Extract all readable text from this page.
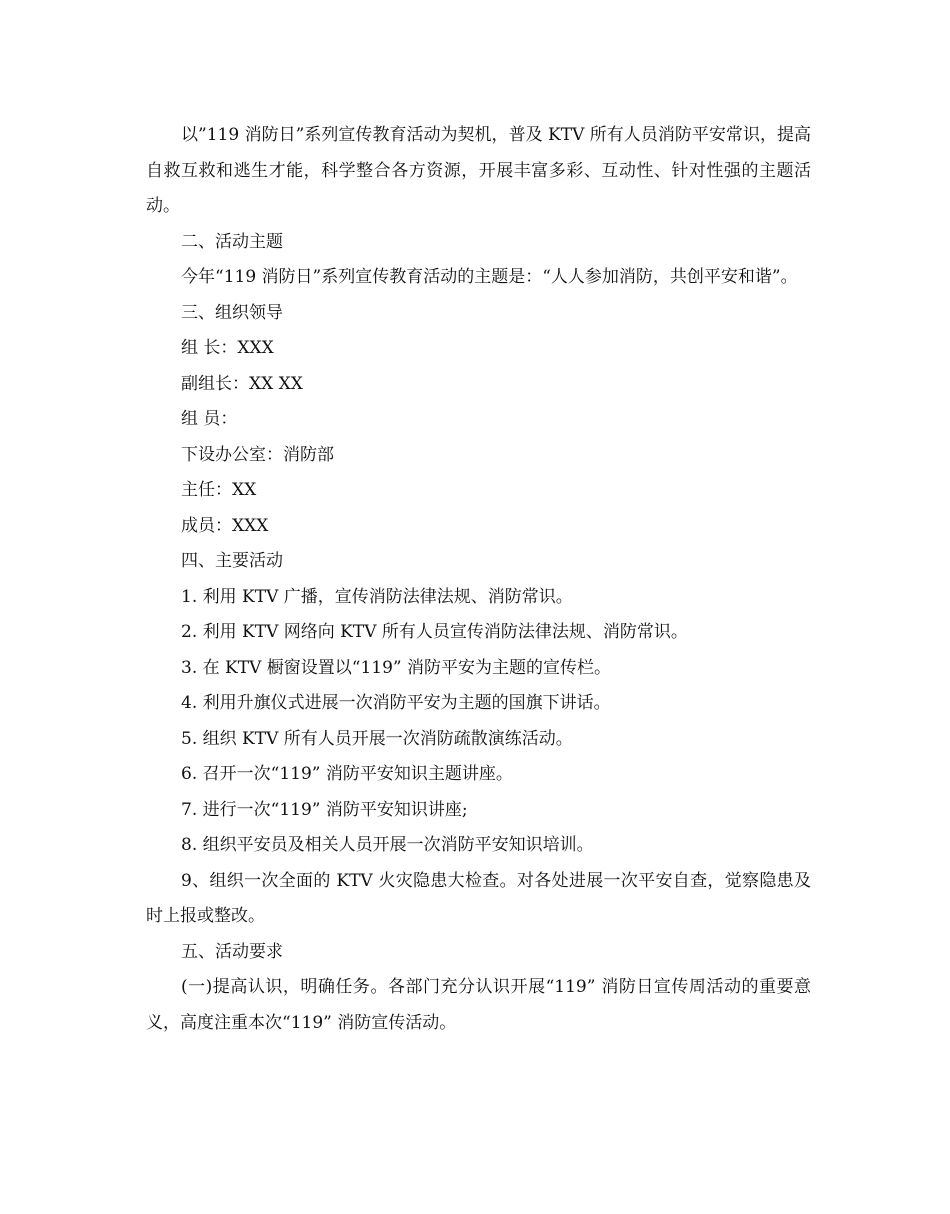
以”119 消防日”系列宣传教育活动为契机，普及 KTV 所有人员消防平安常识，提高自救互救和逃生才能，科学整合各方资源，开展丰富多彩、互动性、针对性强的主题活动。

二、活动主题

今年“119 消防日”系列宣传教育活动的主题是：“人人参加消防，共创平安和谐”。

三、组织领导

组 长：XXX

副组长：XX XX

组 员：

下设办公室：消防部

主任：XX

成员：XXX

四、主要活动

1. 利用 KTV 广播，宣传消防法律法规、消防常识。

2. 利用 KTV 网络向 KTV 所有人员宣传消防法律法规、消防常识。

3. 在 KTV 橱窗设置以“119” 消防平安为主题的宣传栏。

4. 利用升旗仪式进展一次消防平安为主题的国旗下讲话。

5. 组织 KTV 所有人员开展一次消防疏散演练活动。

6. 召开一次“119” 消防平安知识主题讲座。

7. 进行一次“119” 消防平安知识讲座;

8. 组织平安员及相关人员开展一次消防平安知识培训。

9、组织一次全面的 KTV 火灾隐患大检查。对各处进展一次平安自查，觉察隐患及时上报或整改。

五、活动要求

(一)提高认识，明确任务。各部门充分认识开展“119” 消防日宣传周活动的重要意义，高度注重本次“119” 消防宣传活动。
